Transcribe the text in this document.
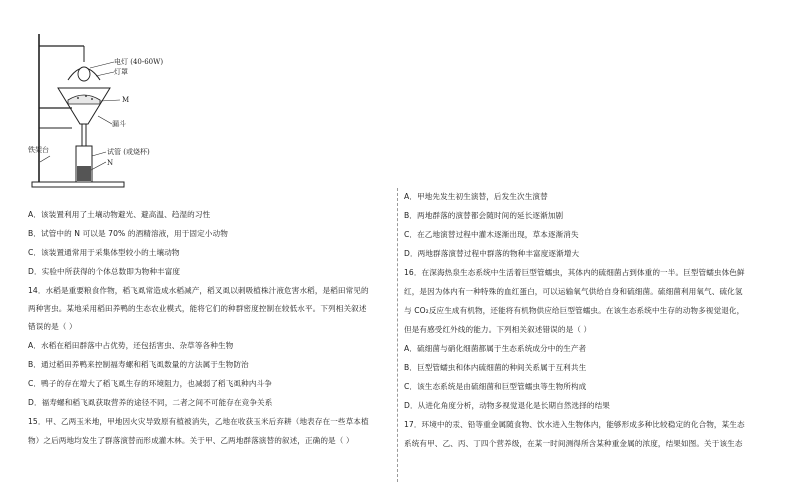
电灯 (40-60W)
灯罩
M
漏斗
铁架台	试管 (或烧杯)
N
A．该装置利用了土壤动物避光、避高温、趋湿的习性
B．试管中的 N 可以是 70% 的酒精溶液，用于固定小动物
C．该装置通常用于采集体型较小的土壤动物
D．实验中所获得的个体总数即为物种丰富度
14．水稻是重要粮食作物，稻飞虱常造成水稻减产，稻叉虱以刺吸植株汁液危害水稻，是稻田常见的
两种害虫。某地采用稻田养鸭的生态农业模式，能将它们的种群密度控制在较低水平。下列相关叙述
错误的是（ ）
A．水稻在稻田群落中占优势，还包括害虫、杂草等各种生物
B．通过稻田养鸭来控制福寿螺和稻飞虱数量的方法属于生物防治
C．鸭子的存在增大了稻飞虱生存的环境阻力，也减弱了稻飞虱种内斗争
D．福寿螺和稻飞虱获取营养的途径不同，二者之间不可能存在竞争关系
15．甲、乙两玉米地，甲地因火灾导致原有植被消失，乙地在收获玉米后弃耕（地表存在一些草本植
物）之后两地均发生了群落演替而形成灌木林。关于甲、乙两地群落演替的叙述，正确的是（ ）
A．甲地先发生初生演替，后发生次生演替
B．两地群落的演替都会随时间的延长逐渐加剧
C．在乙地演替过程中灌木逐渐出现，草本逐渐消失
D．两地群落演替过程中群落的物种丰富度逐渐增大
16．在深海热泉生态系统中生活着巨型管蠕虫，其体内的硫细菌占到体重的一半。巨型管蠕虫体色鲜
红，是因为体内有一种特殊的血红蛋白，可以运输氧气供给自身和硫细菌。硫细菌利用氧气、硫化氢
与 CO₂反应生成有机物，还能将有机物供应给巨型管蠕虫。在该生态系统中生存的动物多视觉退化，
但是有感受红外线的能力。下列相关叙述错误的是（ ）
A．硫细菌与硝化细菌都属于生态系统成分中的生产者
B．巨型管蠕虫和体内硫细菌的种间关系属于互利共生
C．该生态系统是由硫细菌和巨型管蠕虫等生物所构成
D．从进化角度分析，动物多视觉退化是长期自然选择的结果
17．环境中的汞、铅等重金属随食物、饮水进入生物体内，能够形成多种比较稳定的化合物，某生态
系统有甲、乙、丙、丁四个营养级，在某一时间测得所含某种重金属的浓度，结果如图。关于该生态
